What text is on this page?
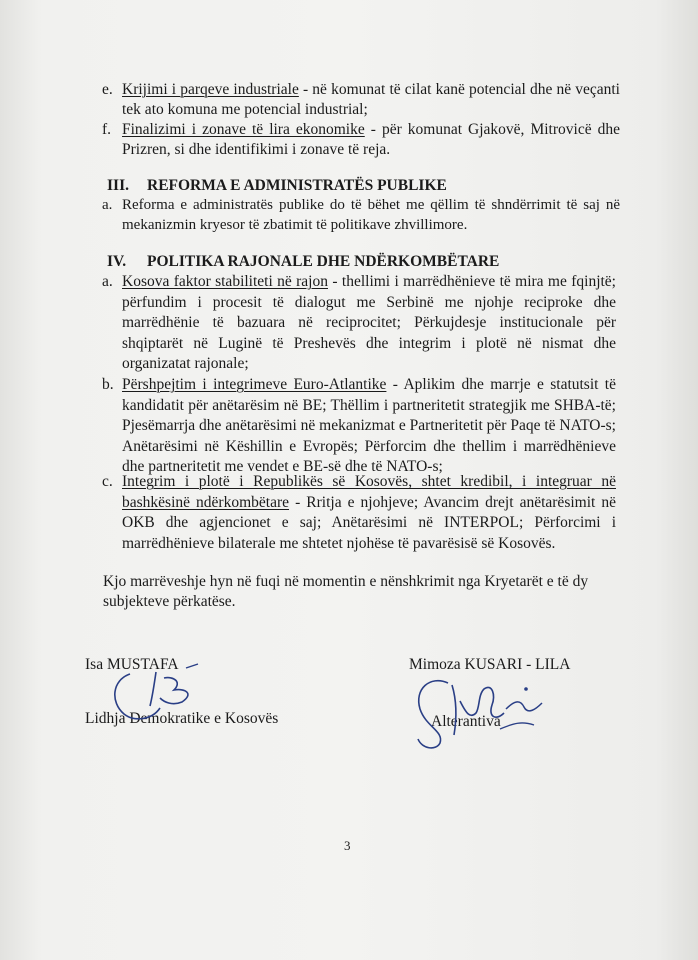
e. Krijimi i parqeve industriale - në komunat të cilat kanë potencial dhe në veçanti tek ato komuna me potencial industrial;
f. Finalizimi i zonave të lira ekonomike - për komunat Gjakovë, Mitrovicë dhe Prizren, si dhe identifikimi i zonave të reja.
III. REFORMA E ADMINISTRATËS PUBLIKE
a. Reforma e administratës publike do të bëhet me qëllim të shndërrimit të saj në mekanizmin kryesor të zbatimit të politikave zhvillimore.
IV. POLITIKA RAJONALE DHE NDËRKOMBËTARE
a. Kosova faktor stabiliteti në rajon - thellimi i marrëdhënieve të mira me fqinjtë; përfundim i procesit të dialogut me Serbinë me njohje reciproke dhe marrëdhënie të bazuara në reciprocitet; Përkujdesje institucionale për shqiptarët në Luginë të Preshevës dhe integrim i plotë në nismat dhe organizatat rajonale;
b. Përshpejtim i integrimeve Euro-Atlantike - Aplikim dhe marrje e statutsit të kandidatit për anëtarësim në BE; Thëllim i partneritetit strategjik me SHBA-të; Pjesëmarrja dhe anëtarësimi në mekanizmat e Partneritetit për Paqe të NATO-s; Anëtarësimi në Këshillin e Evropës; Përforcim dhe thellim i marrëdhënieve dhe partneritetit me vendet e BE-së dhe të NATO-s;
c. Integrim i plotë i Republikës së Kosovës, shtet kredibil, i integruar në bashkësinë ndërkombëtare - Rritja e njohjeve; Avancim drejt anëtarësimit në OKB dhe agjencionet e saj; Anëtarësimi në INTERPOL; Përforcimi i marrëdhënieve bilaterale me shtetet njohëse të pavarësisë së Kosovës.
Kjo marrëveshje hyn në fuqi në momentin e nënshkrimit nga Kryetarët e të dy subjekteve përkatëse.
Isa MUSTAFA
Lidhja Demokratike e Kosovës
Mimoza KUSARI - LILA
Alterantiva
3
